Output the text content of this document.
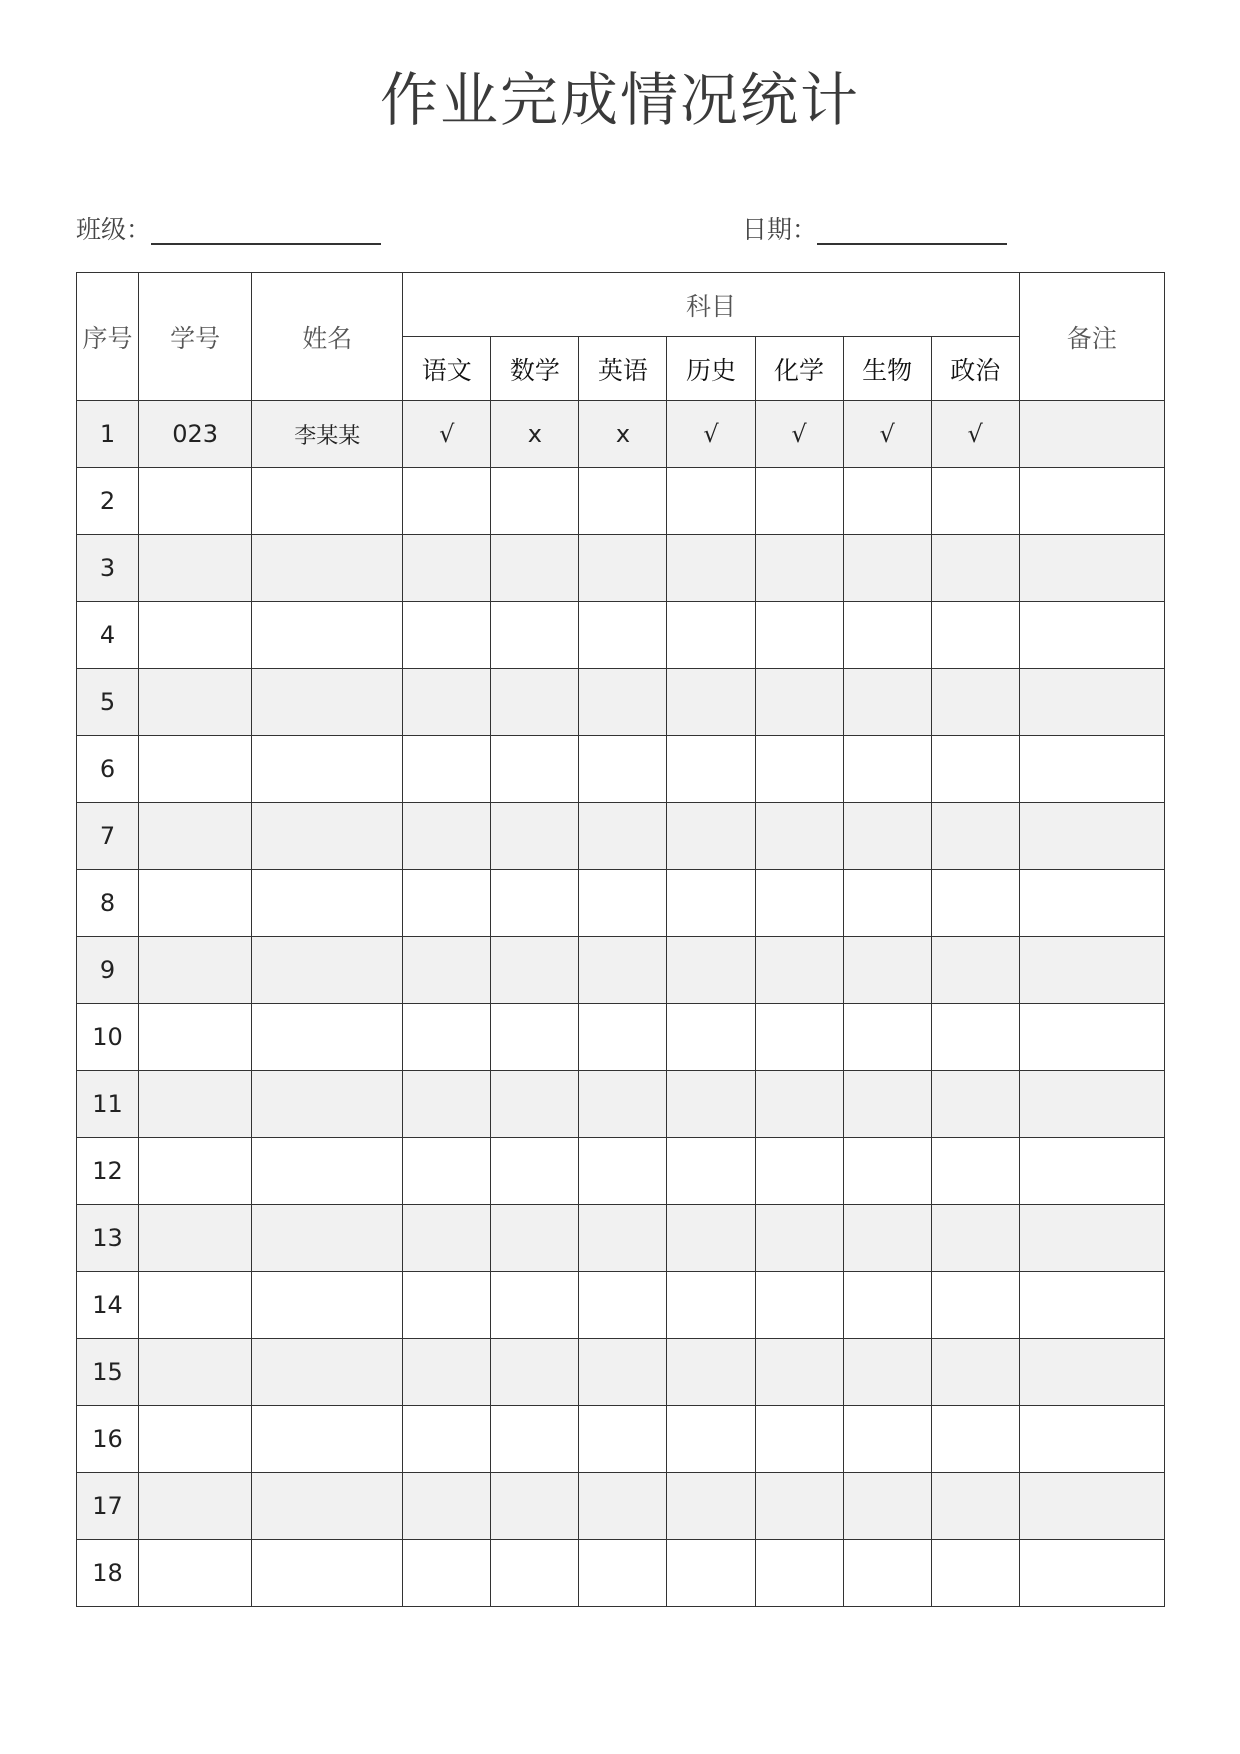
作业完成情况统计
班级：	日期：
序号	学号	姓名	科目							备注
			语文	数学	英语	历史	化学	生物	政治	
1	023	李某某	√	x	x	√	√	√	√	
2										
3										
4										
5										
6										
7										
8										
9										
10										
11										
12										
13										
14										
15										
16										
17										
18										
